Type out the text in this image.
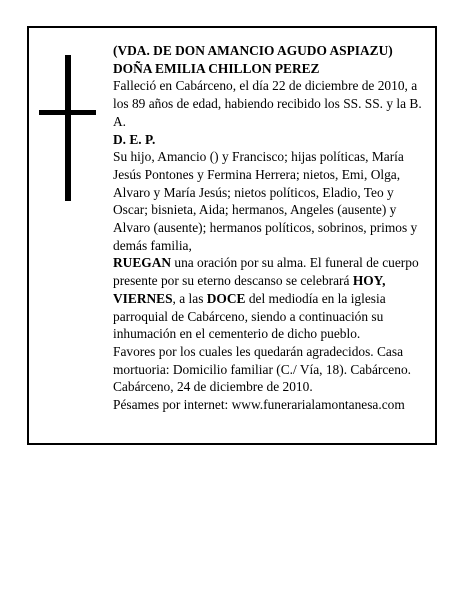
(VDA. DE DON AMANCIO AGUDO ASPIAZU)

DOÑA EMILIA CHILLON PEREZ

Falleció en Cabárceno, el día 22 de diciembre de 2010, a los 89 años de edad, habiendo recibido los SS. SS. y la B. A.

D. E. P.

Su hijo, Amancio () y Francisco; hijas políticas, María Jesús Pontones y Fermina Herrera; nietos, Emi, Olga, Alvaro y María Jesús; nietos políticos, Eladio, Teo y Oscar; bisnieta, Aida; hermanos, Angeles (ausente) y Alvaro (ausente); hermanos políticos, sobrinos, primos y demás familia,

RUEGAN una oración por su alma. El funeral de cuerpo presente por su eterno descanso se celebrará HOY, VIERNES, a las DOCE del mediodía en la iglesia parroquial de Cabárceno, siendo a continuación su inhumación en el cementerio de dicho pueblo.

Favores por los cuales les quedarán agradecidos. Casa mortuoria: Domicilio familiar (C./ Vía, 18). Cabárceno.

Cabárceno, 24 de diciembre de 2010.

Pésames por internet: www.funerarialamontanesa.com
